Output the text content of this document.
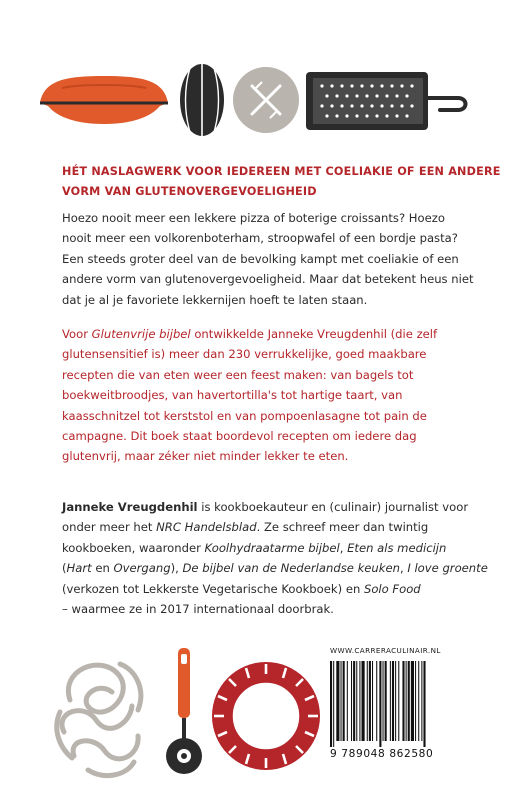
HÉT NASLAGWERK VOOR IEDEREEN MET COELIAKIE OF EEN ANDERE
VORM VAN GLUTENOVERGEVOELIGHEID

Hoezo nooit meer een lekkere pizza of boterige croissants? Hoezo
nooit meer een volkorenboterham, stroopwafel of een bordje pasta?
Een steeds groter deel van de bevolking kampt met coeliakie of een
andere vorm van glutenovergevoeligheid. Maar dat betekent heus niet
dat je al je favoriete lekkernijen hoeft te laten staan.

Voor Glutenvrije bijbel ontwikkelde Janneke Vreugdenhil (die zelf
glutensensitief is) meer dan 230 verrukkelijke, goed maakbare
recepten die van eten weer een feest maken: van bagels tot
boekweitbroodjes, van havertortilla's tot hartige taart, van
kaasschnitzel tot kerststol en van pompoenlasagne tot pain de
campagne. Dit boek staat boordevol recepten om iedere dag
glutenvrij, maar zéker niet minder lekker te eten.

Janneke Vreugdenhil is kookboekauteur en (culinair) journalist voor
onder meer het NRC Handelsblad. Ze schreef meer dan twintig
kookboeken, waaronder Koolhydraatarme bijbel, Eten als medicijn
(Hart en Overgang), De bijbel van de Nederlandse keuken, I love groente
(verkozen tot Lekkerste Vegetarische Kookboek) en Solo Food
– waarmee ze in 2017 internationaal doorbrak.

WWW.CARRERACULINAIR.NL
9 789048 862580
